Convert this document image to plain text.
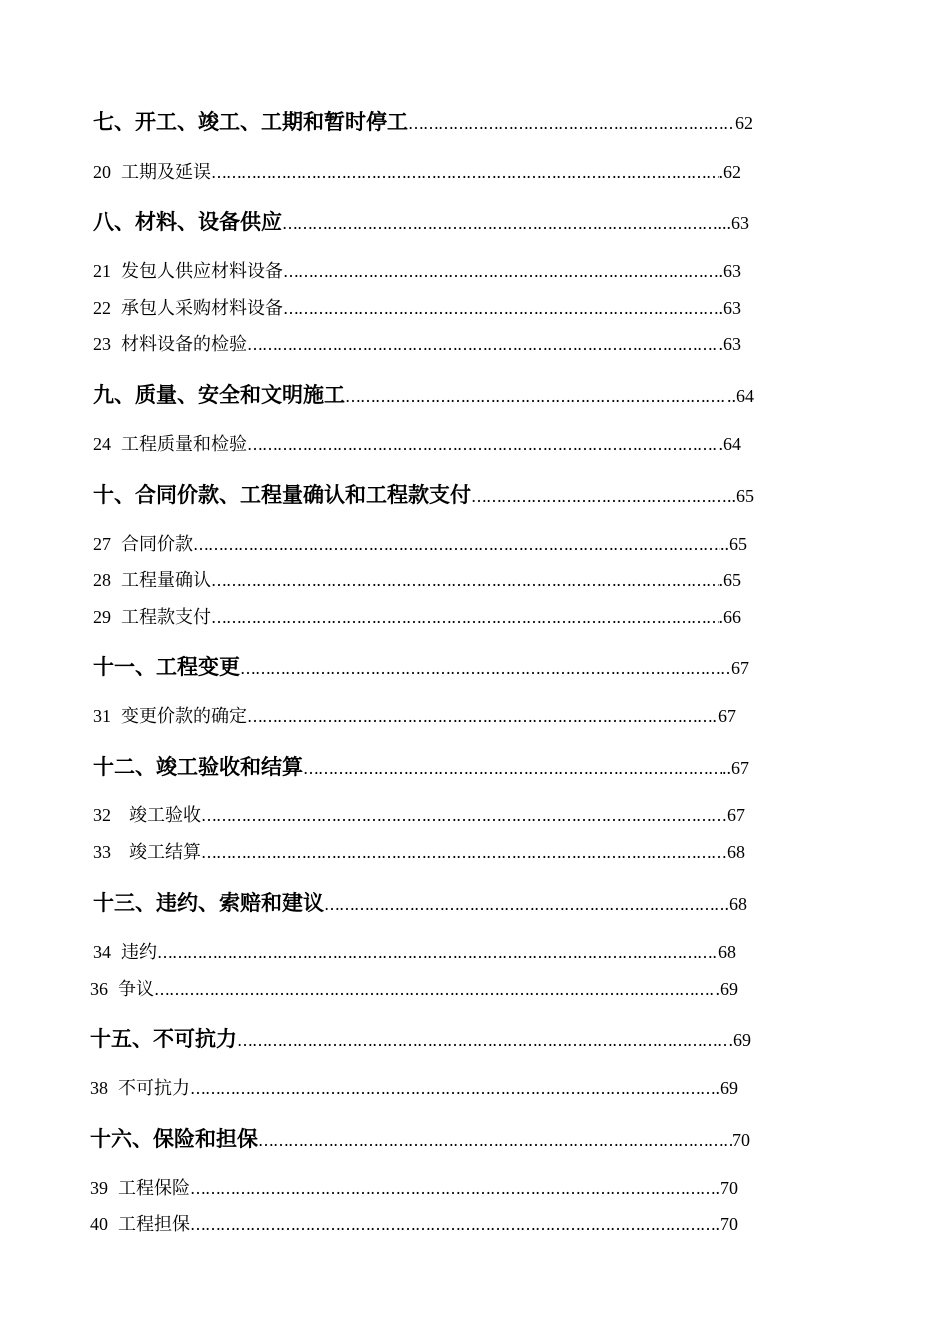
七、开工、竣工、工期和暂时停工 ……………………………………………………………………………………………………………………………………………………………………	62
20 工期及延误 ……………………………………………………………………………………………………………………………………………………………………	.62
八、材料、设备供应 ……………………………………………………………………………………………………………………………………………………………………	...63
21 发包人供应材料设备 ……………………………………………………………………………………………………………………………………………………………………	.63
22 承包人采购材料设备 ……………………………………………………………………………………………………………………………………………………………………	.63
23 材料设备的检验 ……………………………………………………………………………………………………………………………………………………………………	.63
九、质量、安全和文明施工 ……………………………………………………………………………………………………………………………………………………………………	..64
24 工程质量和检验 ……………………………………………………………………………………………………………………………………………………………………	.64
十、合同价款、工程量确认和工程款支付 ……………………………………………………………………………………………………………………………………………………………………	..65
27 合同价款 ……………………………………………………………………………………………………………………………………………………………………	..65
28 工程量确认 ……………………………………………………………………………………………………………………………………………………………………	.65
29 工程款支付 ……………………………………………………………………………………………………………………………………………………………………	.66
十一、工程变更 ……………………………………………………………………………………………………………………………………………………………………	67
31 变更价款的确定 ……………………………………………………………………………………………………………………………………………………………………	67
十二、竣工验收和结算 ……………………………………………………………………………………………………………………………………………………………………	..67
32 竣工验收 ……………………………………………………………………………………………………………………………………………………………………	67
33 竣工结算 ……………………………………………………………………………………………………………………………………………………………………	68
十三、违约、索赔和建议 ……………………………………………………………………………………………………………………………………………………………………	.68
34 违约 ……………………………………………………………………………………………………………………………………………………………………	68
36 争议 ……………………………………………………………………………………………………………………………………………………………………	.69
十五、不可抗力 ……………………………………………………………………………………………………………………………………………………………………	.69
38 不可抗力 ……………………………………………………………………………………………………………………………………………………………………	.69
十六、保险和担保 ……………………………………………………………………………………………………………………………………………………………………	70
39 工程保险 ……………………………………………………………………………………………………………………………………………………………………	.70
40 工程担保 ……………………………………………………………………………………………………………………………………………………………………	.70
